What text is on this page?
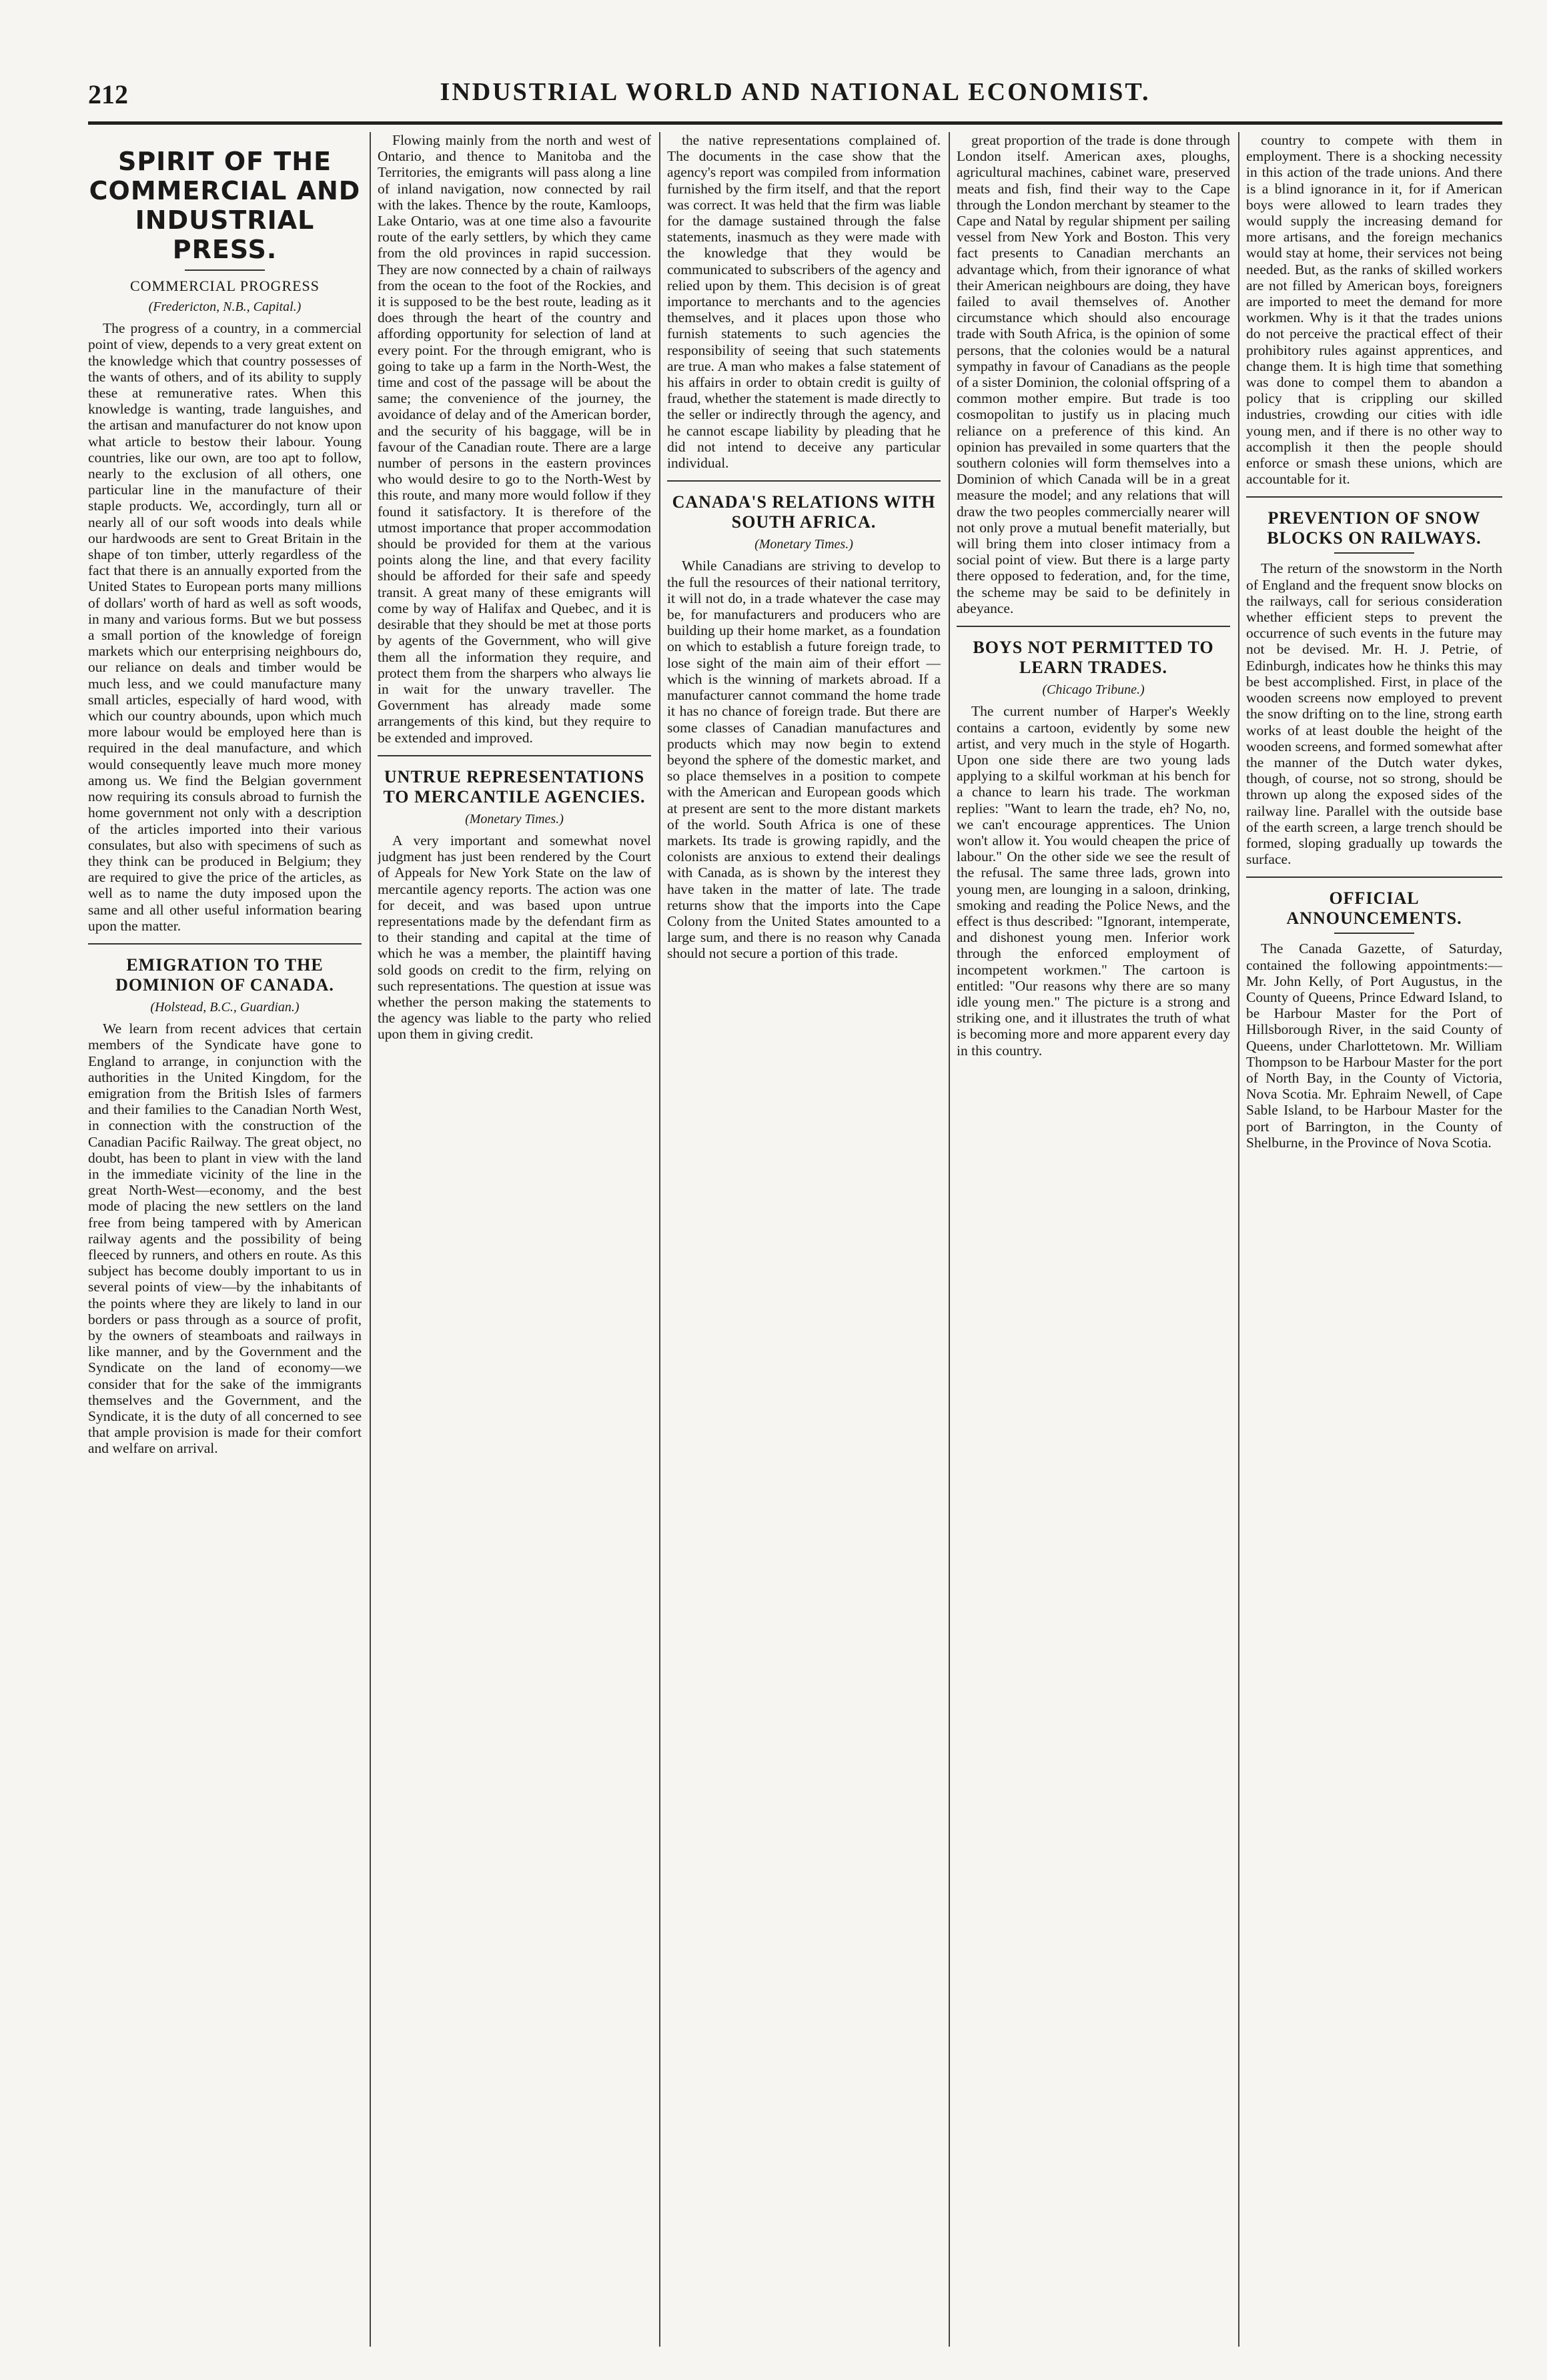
212	INDUSTRIAL WORLD AND NATIONAL ECONOMIST.
SPIRIT OF THE COMMERCIAL AND INDUSTRIAL PRESS.
COMMERCIAL PROGRESS
(Fredericton, N.B., Capital.)

The progress of a country, in a commercial point of view, depends to a very great extent on the knowledge which that country possesses of the wants of others, and of its ability to supply these at remunerative rates. When this knowledge is wanting, trade languishes, and the artisan and manufacturer do not know upon what article to bestow their labour. Young countries, like our own, are too apt to follow, nearly to the exclusion of all others, one particular line in the manufacture of their staple products. We, accordingly, turn all or nearly all of our soft woods into deals while our hardwoods are sent to Great Britain in the shape of ton timber, utterly regardless of the fact that there is an annually exported from the United States to European ports many millions of dollars' worth of hard as well as soft woods, in many and various forms. But we but possess a small portion of the knowledge of foreign markets which our enterprising neighbours do, our reliance on deals and timber would be much less, and we could manufacture many small articles, especially of hard wood, with which our country abounds, upon which much more labour would be employed here than is required in the deal manufacture, and which would consequently leave much more money among us. We find the Belgian government now requiring its consuls abroad to furnish the home government not only with a description of the articles imported into their various consulates, but also with specimens of such as they think can be produced in Belgium; they are required to give the price of the articles, as well as to name the duty imposed upon the same and all other useful information bearing upon the matter.

EMIGRATION TO THE DOMINION OF CANADA.
(Holstead, B.C., Guardian.)

We learn from recent advices that certain members of the Syndicate have gone to England to arrange, in conjunction with the authorities in the United Kingdom, for the emigration from the British Isles of farmers and their families to the Canadian North West, in connection with the construction of the Canadian Pacific Railway. The great object, no doubt, has been to plant in view with the land in the immediate vicinity of the line in the great North-West—economy, and the best mode of placing the new settlers on the land free from being tampered with by American railway agents and the possibility of being fleeced by runners, and others en route. As this subject has become doubly important to us in several points of view—by the inhabitants of the points where they are likely to land in our borders or pass through as a source of profit, by the owners of steamboats and railways in like manner, and by the Government and the Syndicate on the land of economy—we consider that for the sake of the immigrants themselves and the Government, and the Syndicate, it is the duty of all concerned to see that ample provision is made for their comfort and welfare on arrival.

Flowing mainly from the north and west of Ontario, and thence to Manitoba and the Territories, the emigrants will pass along a line of inland navigation, now connected by rail with the lakes. Thence by the route, Kamloops, Lake Ontario, was at one time also a favourite route of the early settlers, by which they came from the old provinces in rapid succession. They are now connected by a chain of railways from the ocean to the foot of the Rockies, and it is supposed to be the best route, leading as it does through the heart of the country and affording opportunity for selection of land at every point. For the through emigrant, who is going to take up a farm in the North-West, the time and cost of the passage will be about the same; the convenience of the journey, the avoidance of delay and of the American border, and the security of his baggage, will be in favour of the Canadian route. There are a large number of persons in the eastern provinces who would desire to go to the North-West by this route, and many more would follow if they found it satisfactory. It is therefore of the utmost importance that proper accommodation should be provided for them at the various points along the line, and that every facility should be afforded for their safe and speedy transit. A great many of these emigrants will come by way of Halifax and Quebec, and it is desirable that they should be met at those ports by agents of the Government, who will give them all the information they require, and protect them from the sharpers who always lie in wait for the unwary traveller. The Government has already made some arrangements of this kind, but they require to be extended and improved.

UNTRUE REPRESENTATIONS TO MERCANTILE AGENCIES.
(Monetary Times.)

A very important and somewhat novel judgment has just been rendered by the Court of Appeals for New York State on the law of mercantile agency reports. The action was one for deceit, and was based upon untrue representations made by the defendant firm as to their standing and capital at the time of which he was a member, the plaintiff having sold goods on credit to the firm, relying on such representations. The question at issue was whether the person making the statements to the agency was liable to the party who relied upon them in giving credit.

the native representations complained of. The documents in the case show that the agency's report was compiled from information furnished by the firm itself, and that the report was correct. It was held that the firm was liable for the damage sustained through the false statements, inasmuch as they were made with the knowledge that they would be communicated to subscribers of the agency and relied upon by them. This decision is of great importance to merchants and to the agencies themselves, and it places upon those who furnish statements to such agencies the responsibility of seeing that such statements are true. A man who makes a false statement of his affairs in order to obtain credit is guilty of fraud, whether the statement is made directly to the seller or indirectly through the agency, and he cannot escape liability by pleading that he did not intend to deceive any particular individual.

CANADA'S RELATIONS WITH SOUTH AFRICA.
(Monetary Times.)

While Canadians are striving to develop to the full the resources of their national territory, it will not do, in a trade whatever the case may be, for manufacturers and producers who are building up their home market, as a foundation on which to establish a future foreign trade, to lose sight of the main aim of their effort — which is the winning of markets abroad. If a manufacturer cannot command the home trade it has no chance of foreign trade. But there are some classes of Canadian manufactures and products which may now begin to extend beyond the sphere of the domestic market, and so place themselves in a position to compete with the American and European goods which at present are sent to the more distant markets of the world. South Africa is one of these markets. Its trade is growing rapidly, and the colonists are anxious to extend their dealings with Canada, as is shown by the interest they have taken in the matter of late. The trade returns show that the imports into the Cape Colony from the United States amounted to a large sum, and there is no reason why Canada should not secure a portion of this trade.

great proportion of the trade is done through London itself. American axes, ploughs, agricultural machines, cabinet ware, preserved meats and fish, find their way to the Cape through the London merchant by steamer to the Cape and Natal by regular shipment per sailing vessel from New York and Boston. This very fact presents to Canadian merchants an advantage which, from their ignorance of what their American neighbours are doing, they have failed to avail themselves of. Another circumstance which should also encourage trade with South Africa, is the opinion of some persons, that the colonies would be a natural sympathy in favour of Canadians as the people of a sister Dominion, the colonial offspring of a common mother empire. But trade is too cosmopolitan to justify us in placing much reliance on a preference of this kind. An opinion has prevailed in some quarters that the southern colonies will form themselves into a Dominion of which Canada will be in a great measure the model; and any relations that will draw the two peoples commercially nearer will not only prove a mutual benefit materially, but will bring them into closer intimacy from a social point of view. But there is a large party there opposed to federation, and, for the time, the scheme may be said to be definitely in abeyance.

BOYS NOT PERMITTED TO LEARN TRADES.
(Chicago Tribune.)

The current number of Harper's Weekly contains a cartoon, evidently by some new artist, and very much in the style of Hogarth. Upon one side there are two young lads applying to a skilful workman at his bench for a chance to learn his trade. The workman replies: "Want to learn the trade, eh? No, no, we can't encourage apprentices. The Union won't allow it. You would cheapen the price of labour." On the other side we see the result of the refusal. The same three lads, grown into young men, are lounging in a saloon, drinking, smoking and reading the Police News, and the effect is thus described: "Ignorant, intemperate, and dishonest young men. Inferior work through the enforced employment of incompetent workmen." The cartoon is entitled: "Our reasons why there are so many idle young men." The picture is a strong and striking one, and it illustrates the truth of what is becoming more and more apparent every day in this country.

country to compete with them in employment. There is a shocking necessity in this action of the trade unions. And there is a blind ignorance in it, for if American boys were allowed to learn trades they would supply the increasing demand for more artisans, and the foreign mechanics would stay at home, their services not being needed. But, as the ranks of skilled workers are not filled by American boys, foreigners are imported to meet the demand for more workmen. Why is it that the trades unions do not perceive the practical effect of their prohibitory rules against apprentices, and change them. It is high time that something was done to compel them to abandon a policy that is crippling our skilled industries, crowding our cities with idle young men, and if there is no other way to accomplish it then the people should enforce or smash these unions, which are accountable for it.

PREVENTION OF SNOW BLOCKS ON RAILWAYS.

The return of the snowstorm in the North of England and the frequent snow blocks on the railways, call for serious consideration whether efficient steps to prevent the occurrence of such events in the future may not be devised. Mr. H. J. Petrie, of Edinburgh, indicates how he thinks this may be best accomplished. First, in place of the wooden screens now employed to prevent the snow drifting on to the line, strong earth works of at least double the height of the wooden screens, and formed somewhat after the manner of the Dutch water dykes, though, of course, not so strong, should be thrown up along the exposed sides of the railway line. Parallel with the outside base of the earth screen, a large trench should be formed, sloping gradually up towards the surface.

OFFICIAL ANNOUNCEMENTS.

The Canada Gazette, of Saturday, contained the following appointments:— Mr. John Kelly, of Port Augustus, in the County of Queens, Prince Edward Island, to be Harbour Master for the Port of Hillsborough River, in the said County of Queens, under Charlottetown. Mr. William Thompson to be Harbour Master for the port of North Bay, in the County of Victoria, Nova Scotia. Mr. Ephraim Newell, of Cape Sable Island, to be Harbour Master for the port of Barrington, in the County of Shelburne, in the Province of Nova Scotia.
